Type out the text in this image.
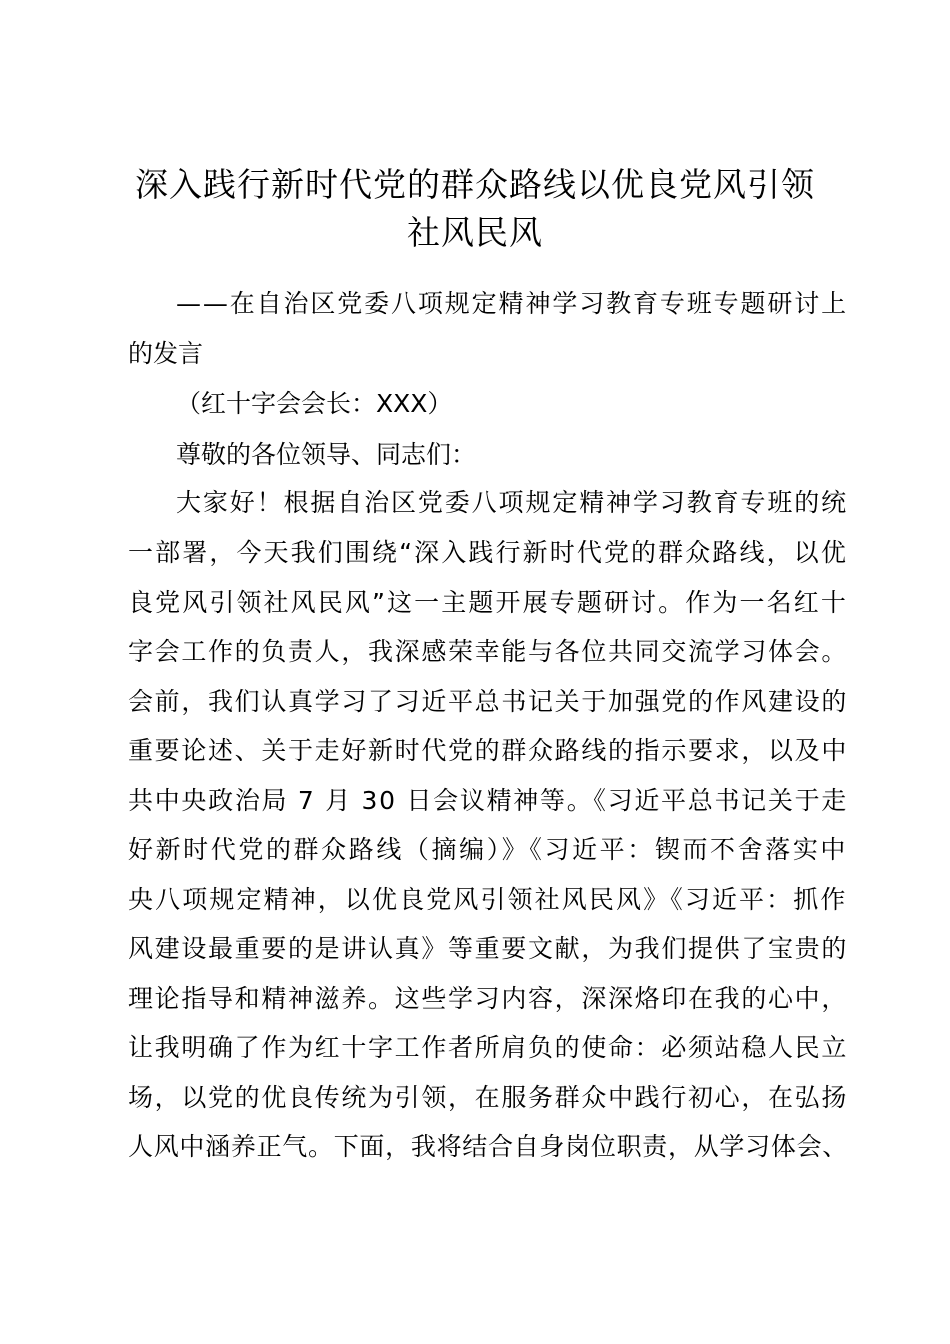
深入践行新时代党的群众路线以优良党风引领
社风民风
——在自治区党委八项规定精神学习教育专班专题研讨上
的发言
（红十字会会长：XXX）
尊敬的各位领导、同志们：
大家好！根据自治区党委八项规定精神学习教育专班的统
一部署，今天我们围绕“深入践行新时代党的群众路线，以优
良党风引领社风民风”这一主题开展专题研讨。作为一名红十
字会工作的负责人，我深感荣幸能与各位共同交流学习体会。
会前，我们认真学习了习近平总书记关于加强党的作风建设的
重要论述、关于走好新时代党的群众路线的指示要求，以及中
共中央政治局 7 月 30 日会议精神等。《习近平总书记关于走
好新时代党的群众路线（摘编）》《习近平：锲而不舍落实中
央八项规定精神，以优良党风引领社风民风》《习近平：抓作
风建设最重要的是讲认真》等重要文献，为我们提供了宝贵的
理论指导和精神滋养。这些学习内容，深深烙印在我的心中，
让我明确了作为红十字工作者所肩负的使命：必须站稳人民立
场，以党的优良传统为引领，在服务群众中践行初心，在弘扬
人风中涵养正气。下面，我将结合自身岗位职责，从学习体会、
